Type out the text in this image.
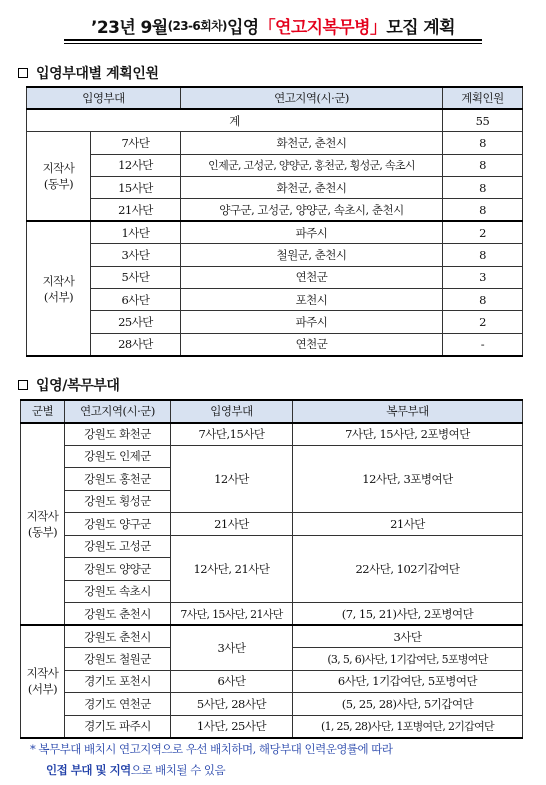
’23년 9월 (23-6회차) 입영 「연고지복무병」 모집 계획
입영부대별 계획인원
입영부대		연고지역(시·군)	계획인원
계			55
지작사
(동부)	7사단	화천군, 춘천시	8
	12사단	인제군, 고성군, 양양군, 홍천군, 횡성군, 속초시	8
	15사단	화천군, 춘천시	8
	21사단	양구군, 고성군, 양양군, 속초시, 춘천시	8
지작사
(서부)	1사단	파주시	2
	3사단	철원군, 춘천시	8
	5사단	연천군	3
	6사단	포천시	8
	25사단	파주시	2
	28사단	연천군	-
입영/복무부대
군별	연고지역(시·군)	입영부대	복무부대
지작사
(동부)	강원도 화천군	7사단,15사단	7사단, 15사단, 2포병여단
	강원도 인제군	12사단	12사단, 3포병여단
	강원도 홍천군		
	강원도 횡성군		
	강원도 양구군	21사단	21사단
	강원도 고성군	12사단, 21사단	22사단, 102기갑여단
	강원도 양양군		
	강원도 속초시		
	강원도 춘천시	7사단, 15사단, 21사단	(7, 15, 21)사단, 2포병여단
지작사
(서부)	강원도 춘천시	3사단	3사단
	강원도 철원군		(3, 5, 6)사단, 1기갑여단, 5포병여단
	경기도 포천시	6사단	6사단, 1기갑여단, 5포병여단
	경기도 연천군	5사단, 28사단	(5, 25, 28)사단, 5기갑여단
	경기도 파주시	1사단, 25사단	(1, 25, 28)사단, 1포병여단, 2기갑여단
* 복무부대 배치시 연고지역으로 우선 배치하며, 해당부대 인력운영률에 따라
인접 부대 및 지역으로 배치될 수 있음
